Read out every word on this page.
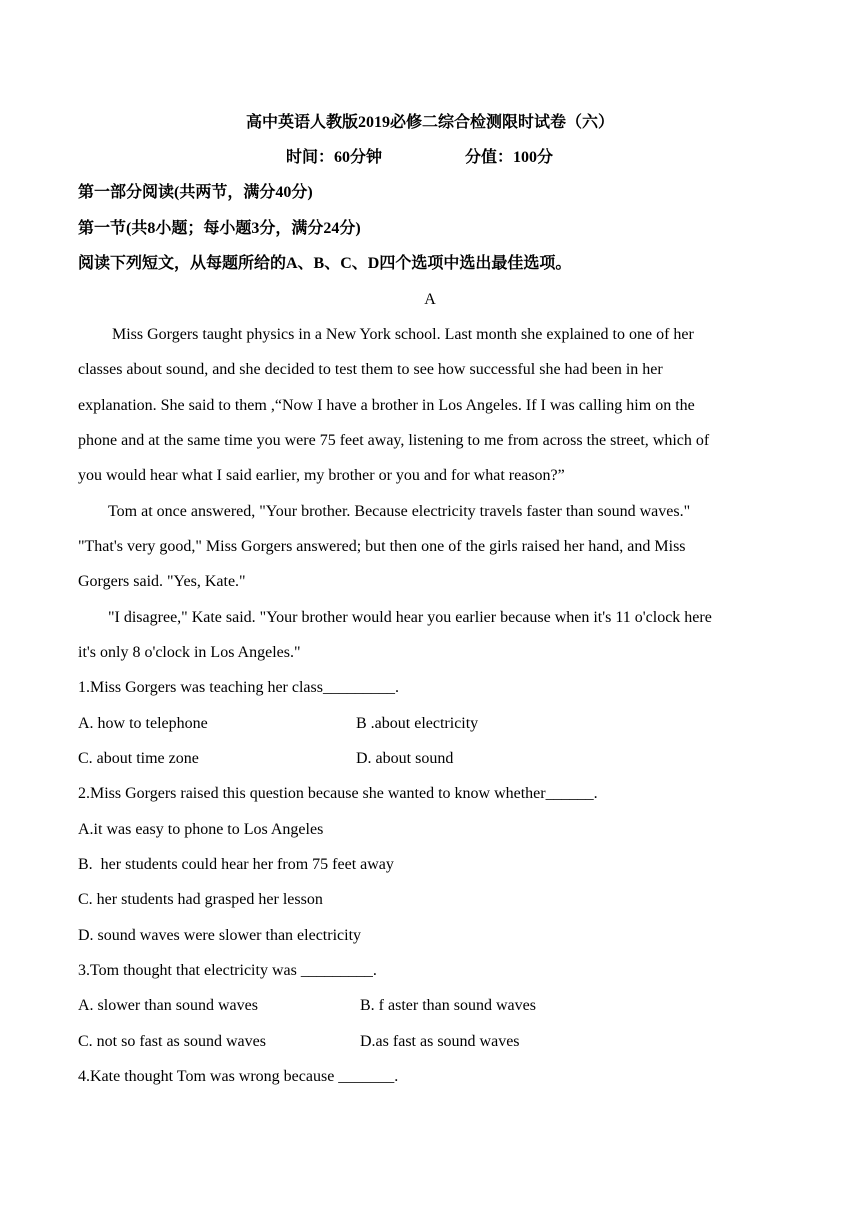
高中英语人教版2019必修二综合检测限时试卷（六）
时间：60分钟	分值：100分
第一部分阅读(共两节，满分40分)
第一节(共8小题；每小题3分，满分24分)
阅读下列短文，从每题所给的A、B、C、D四个选项中选出最佳选项。
A
Miss Gorgers taught physics in a New York school. Last month she explained to one of her
classes about sound, and she decided to test them to see how successful she had been in her
explanation. She said to them ,“Now I have a brother in Los Angeles. If I was calling him on the
phone and at the same time you were 75 feet away, listening to me from across the street, which of
you would hear what I said earlier, my brother or you and for what reason?”
Tom at once answered, "Your brother. Because electricity travels faster than sound waves."
"That's very good," Miss Gorgers answered; but then one of the girls raised her hand, and Miss
Gorgers said. "Yes, Kate."
"I disagree," Kate said. "Your brother would hear you earlier because when it's 11 o'clock here
it's only 8 o'clock in Los Angeles."
1.Miss Gorgers was teaching her class_________.
A. how to telephone	B .about electricity
C. about time zone	D. about sound
2.Miss Gorgers raised this question because she wanted to know whether______.
A.it was easy to phone to Los Angeles
B.  her students could hear her from 75 feet away
C. her students had grasped her lesson
D. sound waves were slower than electricity
3.Tom thought that electricity was _________.
A. slower than sound waves	B. f aster than sound waves
C. not so fast as sound waves	D.as fast as sound waves
4.Kate thought Tom was wrong because _______.
